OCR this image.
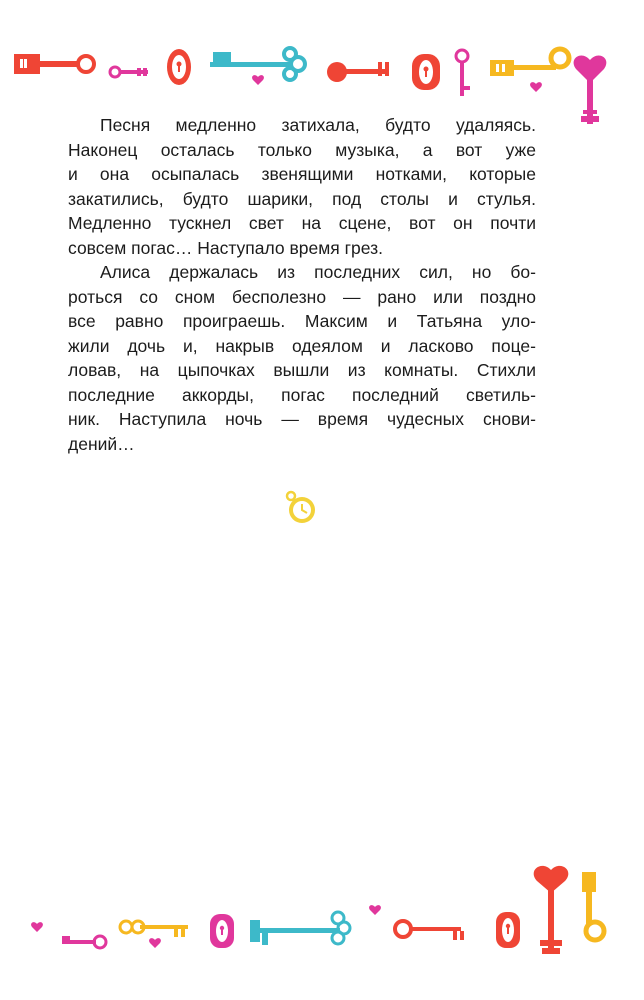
Песня медленно затихала, будто удаляясь.
Наконец осталась только музыка, а вот уже
и она осыпалась звенящими нотками, которые
закатились, будто шарики, под столы и стулья.
Медленно тускнел свет на сцене, вот он почти
совсем погас… Наступало время грез.

Алиса держалась из последних сил, но бо-
роться со сном бесполезно — рано или поздно
все равно проиграешь. Максим и Татьяна уло-
жили дочь и, накрыв одеялом и ласково поце-
ловав, на цыпочках вышли из комнаты. Стихли
последние аккорды, погас последний светиль-
ник. Наступила ночь — время чудесных снови-
дений…
